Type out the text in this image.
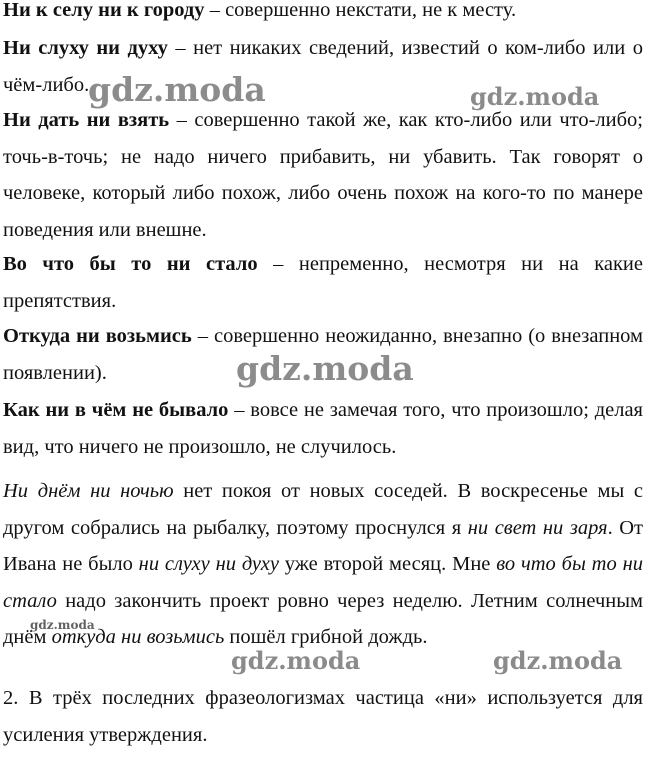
Ни к селу ни к городу – совершенно некстати, не к месту.

Ни слуху ни духу – нет никаких сведений, известий о ком-либо или о чём-либо.

Ни дать ни взять – совершенно такой же, как кто-либо или что-либо; точь-в-точь; не надо ничего прибавить, ни убавить. Так говорят о человеке, который либо похож, либо очень похож на кого-то по манере поведения или внешне.

Во что бы то ни стало – непременно, несмотря ни на какие препятствия.

Откуда ни возьмись – совершенно неожиданно, внезапно (о внезапном появлении).

Как ни в чём не бывало – вовсе не замечая того, что произошло; делая вид, что ничего не произошло, не случилось.

Ни днём ни ночью нет покоя от новых соседей. В воскресенье мы с другом собрались на рыбалку, поэтому проснулся я ни свет ни заря. От Ивана не было ни слуху ни духу уже второй месяц. Мне во что бы то ни стало надо закончить проект ровно через неделю. Летним солнечным днём откуда ни возьмись пошёл грибной дождь.

2. В трёх последних фразеологизмах частица «ни» используется для усиления утверждения.

gdz.moda	gdz.moda
gdz.moda
gdz.moda
gdz.moda	gdz.moda
